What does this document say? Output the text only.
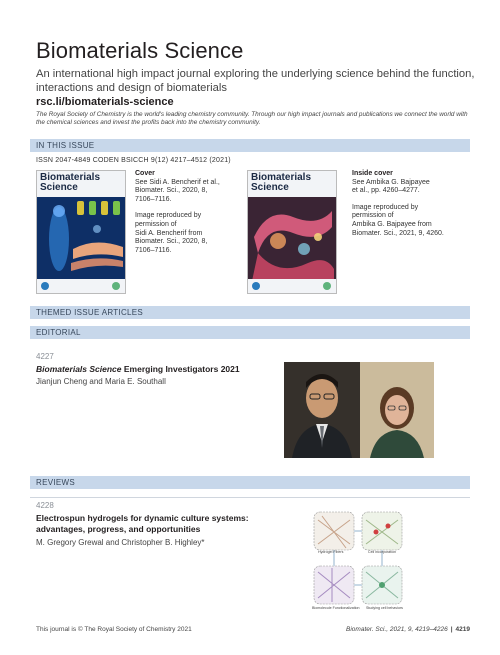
Biomaterials Science
An international high impact journal exploring the underlying science behind the function, interactions and design of biomaterials
rsc.li/biomaterials-science
The Royal Society of Chemistry is the world's leading chemistry community. Through our high impact journals and publications we connect the world with the chemical sciences and invest the profits back into the chemistry community.
IN THIS ISSUE
ISSN 2047-4849 CODEN BSICCH 9(12) 4217–4512 (2021)
Biomaterials Science
Cover
See Sidi A. Bencherif et al.,
Biomater. Sci., 2020, 8,
7106–7116.
Image reproduced by
permission of
Sidi A. Bencherif from
Biomater. Sci., 2020, 8,
7106–7116.
Biomaterials Science
Inside cover
See Ambika G. Bajpayee
et al., pp. 4260–4277.
Image reproduced by
permission of
Ambika G. Bajpayee from
Biomater. Sci., 2021, 9, 4260.
THEMED ISSUE ARTICLES
EDITORIAL
4227
Biomaterials Science Emerging Investigators 2021
Jianjun Cheng and Maria E. Southall
REVIEWS
4228
Electrospun hydrogels for dynamic culture systems: advantages, progress, and opportunities
M. Gregory Grewal and Christopher B. Highley*
Hydrogel Fibers	Cell incorporation
Biomolecule Functionalization Studying cell behaviors
This journal is © The Royal Society of Chemistry 2021	Biomater. Sci., 2021, 9, 4219–4226 | 4219
